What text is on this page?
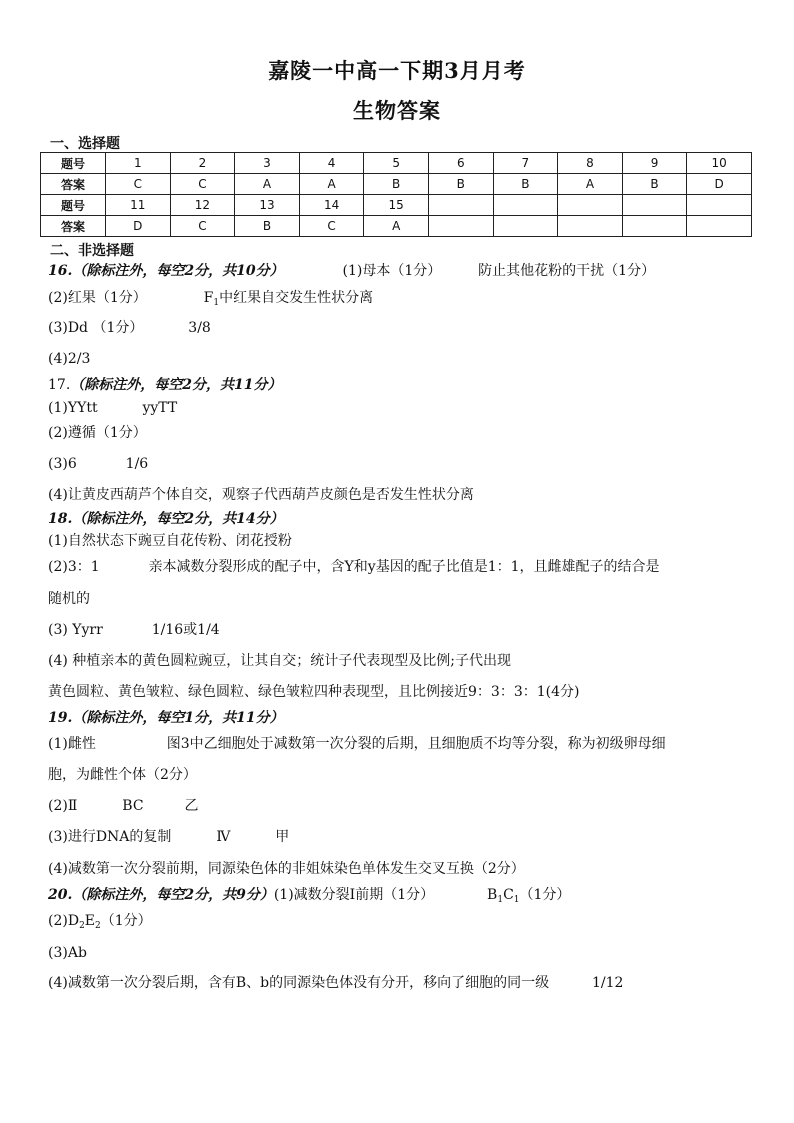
嘉陵一中高一下期3月月考
生物答案
一、选择题
题号	1	2	3	4	5	6	7	8	9	10
答案	C	C	A	A	B	B	B	A	B	D
题号	11	12	13	14	15					
答案	D	C	B	C	A					
二、非选择题
16.（除标注外，每空2分，共10分）	(1)母本（1分）	防止其他花粉的干扰（1分）
(2)红果（1分）	$F_1$中红果自交发生性状分离
(3)Dd （1分）	3/8
(4)2/3
17.（除标注外，每空2分，共11分）
(1)YYtt	yyTT
(2)遵循（1分）
(3)6	1/6
(4)让黄皮西葫芦个体自交，观察子代西葫芦皮颜色是否发生性状分离
18.（除标注外，每空2分，共14分）
(1)自然状态下豌豆自花传粉、闭花授粉
(2)3：1	亲本减数分裂形成的配子中，含Y和y基因的配子比值是1：1，且雌雄配子的结合是
随机的
(3) Yyrr	1/16或1/4
(4) 种植亲本的黄色圆粒豌豆，让其自交；统计子代表现型及比例;子代出现
黄色圆粒、黄色皱粒、绿色圆粒、绿色皱粒四种表现型，且比例接近9：3：3：1(4分)
19.（除标注外，每空1分，共11分）
(1)雌性	图3中乙细胞处于减数第一次分裂的后期，且细胞质不均等分裂，称为初级卵母细
胞，为雌性个体（2分）
(2)Ⅱ	BC	乙
(3)进行DNA的复制	Ⅳ	甲
(4)减数第一次分裂前期，同源染色体的非姐妹染色单体发生交叉互换（2分）
20.（除标注外，每空2分，共9分）(1)减数分裂Ⅰ前期（1分）	$B_1C_1(1$分）
$(2)D_2E_2(1$分）
(3)Ab
(4)减数第一次分裂后期，含有B、b的同源染色体没有分开，移向了细胞的同一级	1/12
